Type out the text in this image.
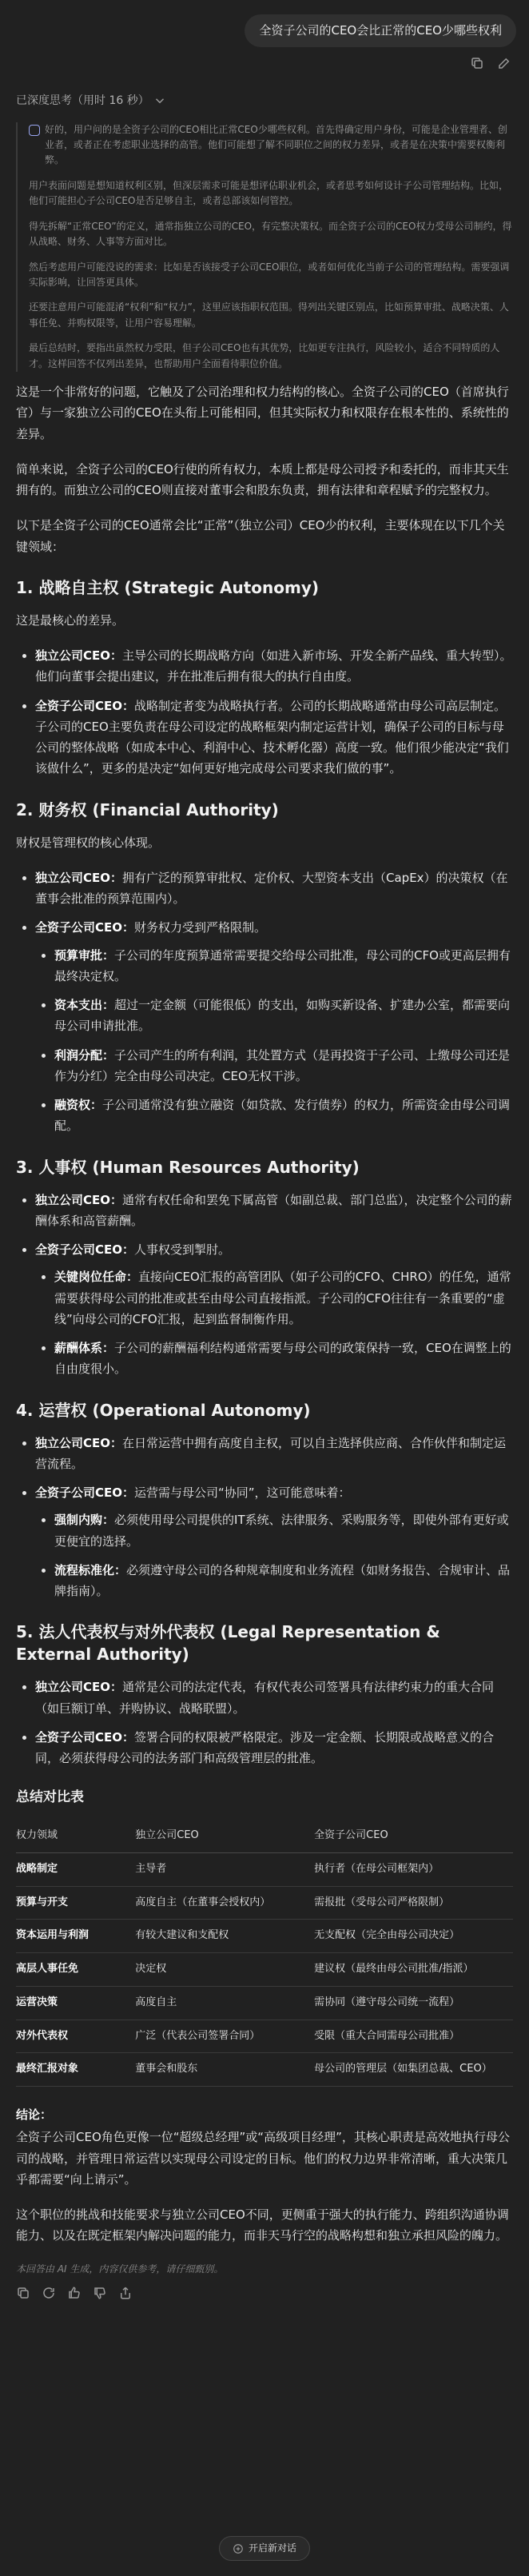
全资子公司的CEO会比正常的CEO少哪些权利
已深度思考（用时 16 秒）

好的，用户问的是全资子公司的CEO相比正常CEO少哪些权利。首先得确定用户身份，可能是企业管理者、创业者，或者正在考虑职业选择的高管。他们可能想了解不同职位之间的权力差异，或者是在决策中需要权衡利弊。

用户表面问题是想知道权利区别，但深层需求可能是想评估职业机会，或者思考如何设计子公司管理结构。比如，他们可能担心子公司CEO是否足够自主，或者总部该如何管控。

得先拆解“正常CEO”的定义，通常指独立公司的CEO，有完整决策权。而全资子公司的CEO权力受母公司制约，得从战略、财务、人事等方面对比。

然后考虑用户可能没说的需求：比如是否该接受子公司CEO职位，或者如何优化当前子公司的管理结构。需要强调实际影响，让回答更具体。

还要注意用户可能混淆“权利”和“权力”，这里应该指职权范围。得列出关键区别点，比如预算审批、战略决策、人事任免、并购权限等，让用户容易理解。

最后总结时，要指出虽然权力受限，但子公司CEO也有其优势，比如更专注执行，风险较小，适合不同特质的人才。这样回答不仅列出差异，也帮助用户全面看待职位价值。

这是一个非常好的问题，它触及了公司治理和权力结构的核心。全资子公司的CEO（首席执行官）与一家独立公司的CEO在头衔上可能相同，但其实际权力和权限存在根本性的、系统性的差异。

简单来说，全资子公司的CEO行使的所有权力，本质上都是母公司授予和委托的，而非其天生拥有的。而独立公司的CEO则直接对董事会和股东负责，拥有法律和章程赋予的完整权力。

以下是全资子公司的CEO通常会比“正常”（独立公司）CEO少的权利，主要体现在以下几个关键领域：

1. 战略自主权 (Strategic Autonomy)

这是最核心的差异。

独立公司CEO：主导公司的长期战略方向（如进入新市场、开发全新产品线、重大转型）。他们向董事会提出建议，并在批准后拥有很大的执行自由度。
全资子公司CEO：战略制定者变为战略执行者。公司的长期战略通常由母公司高层制定。子公司的CEO主要负责在母公司设定的战略框架内制定运营计划，确保子公司的目标与母公司的整体战略（如成本中心、利润中心、技术孵化器）高度一致。他们很少能决定“我们该做什么”，更多的是决定“如何更好地完成母公司要求我们做的事”。
2. 财务权 (Financial Authority)

财权是管理权的核心体现。

独立公司CEO：拥有广泛的预算审批权、定价权、大型资本支出（CapEx）的决策权（在董事会批准的预算范围内）。
全资子公司CEO：财务权力受到严格限制。
预算审批：子公司的年度预算通常需要提交给母公司批准，母公司的CFO或更高层拥有最终决定权。
资本支出：超过一定金额（可能很低）的支出，如购买新设备、扩建办公室，都需要向母公司申请批准。
利润分配：子公司产生的所有利润，其处置方式（是再投资于子公司、上缴母公司还是作为分红）完全由母公司决定。CEO无权干涉。
融资权：子公司通常没有独立融资（如贷款、发行债券）的权力，所需资金由母公司调配。
3. 人事权 (Human Resources Authority)
独立公司CEO：通常有权任命和罢免下属高管（如副总裁、部门总监），决定整个公司的薪酬体系和高管薪酬。
全资子公司CEO：人事权受到掣肘。
关键岗位任命：直接向CEO汇报的高管团队（如子公司的CFO、CHRO）的任免，通常需要获得母公司的批准或甚至由母公司直接指派。子公司的CFO往往有一条重要的“虚线”向母公司的CFO汇报，起到监督制衡作用。
薪酬体系：子公司的薪酬福利结构通常需要与母公司的政策保持一致，CEO在调整上的自由度很小。
4. 运营权 (Operational Autonomy)
独立公司CEO：在日常运营中拥有高度自主权，可以自主选择供应商、合作伙伴和制定运营流程。
全资子公司CEO：运营需与母公司“协同”，这可能意味着：
强制内购：必须使用母公司提供的IT系统、法律服务、采购服务等，即使外部有更好或更便宜的选择。
流程标准化：必须遵守母公司的各种规章制度和业务流程（如财务报告、合规审计、品牌指南）。
5. 法人代表权与对外代表权 (Legal Representation & External Authority)
独立公司CEO：通常是公司的法定代表，有权代表公司签署具有法律约束力的重大合同（如巨额订单、并购协议、战略联盟）。
全资子公司CEO：签署合同的权限被严格限定。涉及一定金额、长期限或战略意义的合同，必须获得母公司的法务部门和高级管理层的批准。
总结对比表
权力领域	独立公司CEO	全资子公司CEO
战略制定	主导者	执行者（在母公司框架内）
预算与开支	高度自主（在董事会授权内）	需报批（受母公司严格限制）
资本运用与利润	有较大建议和支配权	无支配权（完全由母公司决定）
高层人事任免	决定权	建议权（最终由母公司批准/指派）
运营决策	高度自主	需协同（遵守母公司统一流程）
对外代表权	广泛（代表公司签署合同）	受限（重大合同需母公司批准）
最终汇报对象	董事会和股东	母公司的管理层（如集团总裁、CEO）

结论：

全资子公司CEO角色更像一位“超级总经理”或“高级项目经理”，其核心职责是高效地执行母公司的战略，并管理日常运营以实现母公司设定的目标。他们的权力边界非常清晰，重大决策几乎都需要“向上请示”。

这个职位的挑战和技能要求与独立公司CEO不同，更侧重于强大的执行能力、跨组织沟通协调能力、以及在既定框架内解决问题的能力，而非天马行空的战略构想和独立承担风险的魄力。

本回答由 AI 生成，内容仅供参考，请仔细甄别。
开启新对话
